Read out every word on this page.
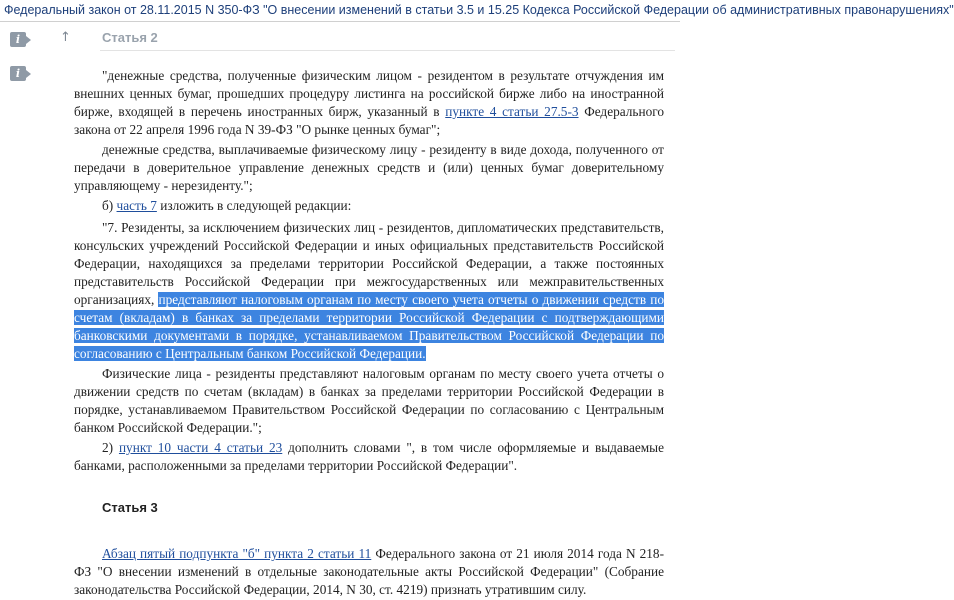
Федеральный закон от 28.11.2015 N 350-ФЗ "О внесении изменений в статьи 3.5 и 15.25 Кодекса Российской Федерации об административных правонарушениях"
i
i
↑ Статья 2

"денежные средства, полученные физическим лицом - резидентом в результате отчуждения им внешних ценных бумаг, прошедших процедуру листинга на российской бирже либо на иностранной бирже, входящей в перечень иностранных бирж, указанный в пункте 4 статьи 27.5-3 Федерального закона от 22 апреля 1996 года N 39-ФЗ "О рынке ценных бумаг";

денежные средства, выплачиваемые физическому лицу - резиденту в виде дохода, полученного от передачи в доверительное управление денежных средств и (или) ценных бумаг доверительному управляющему - нерезиденту.";

б) часть 7 изложить в следующей редакции:

"7. Резиденты, за исключением физических лиц - резидентов, дипломатических представительств, консульских учреждений Российской Федерации и иных официальных представительств Российской Федерации, находящихся за пределами территории Российской Федерации, а также постоянных представительств Российской Федерации при межгосударственных или межправительственных организациях, представляют налоговым органам по месту своего учета отчеты о движении средств по счетам (вкладам) в банках за пределами территории Российской Федерации с подтверждающими банковскими документами в порядке, устанавливаемом Правительством Российской Федерации по согласованию с Центральным банком Российской Федерации.

Физические лица - резиденты представляют налоговым органам по месту своего учета отчеты о движении средств по счетам (вкладам) в банках за пределами территории Российской Федерации в порядке, устанавливаемом Правительством Российской Федерации по согласованию с Центральным банком Российской Федерации.";

2) пункт 10 части 4 статьи 23 дополнить словами ", в том числе оформляемые и выдаваемые банками, расположенными за пределами территории Российской Федерации".

Статья 3

Абзац пятый подпункта "б" пункта 2 статьи 11 Федерального закона от 21 июля 2014 года N 218-ФЗ "О внесении изменений в отдельные законодательные акты Российской Федерации" (Собрание законодательства Российской Федерации, 2014, N 30, ст. 4219) признать утратившим силу.
